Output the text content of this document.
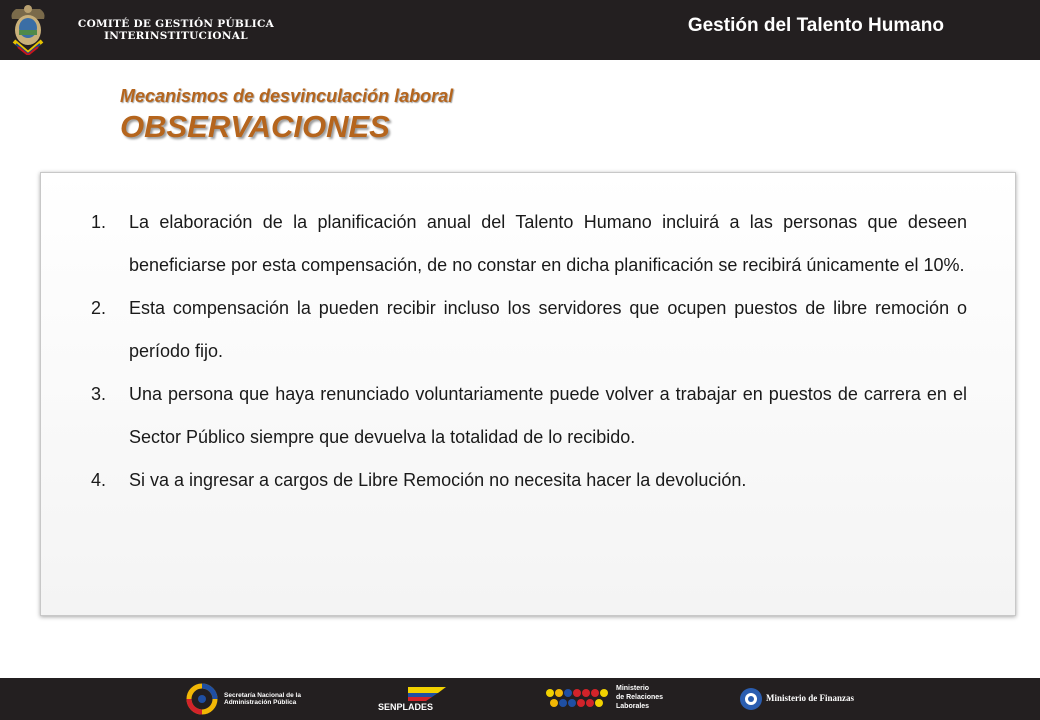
COMITÉ DE GESTIÓN PÚBLICA
INTERINSTITUCIONAL	Gestión del Talento Humano
Mecanismos de desvinculación laboral
OBSERVACIONES
1. La elaboración de la planificación anual del Talento Humano incluirá a las personas que deseen beneficiarse por esta compensación, de no constar en dicha planificación se recibirá únicamente el 10%.
2. Esta compensación la pueden recibir incluso los servidores que ocupen puestos de libre remoción o período fijo.
3. Una persona que haya renunciado voluntariamente puede volver a trabajar en puestos de carrera en el Sector Público siempre que devuelva la totalidad de lo recibido.
4. Si va a ingresar a cargos de Libre Remoción no necesita hacer la devolución.
Secretaría Nacional de la
Administración Pública	SENPLADES
Ministerio
de Relaciones
Laborales
Ministerio de Finanzas
